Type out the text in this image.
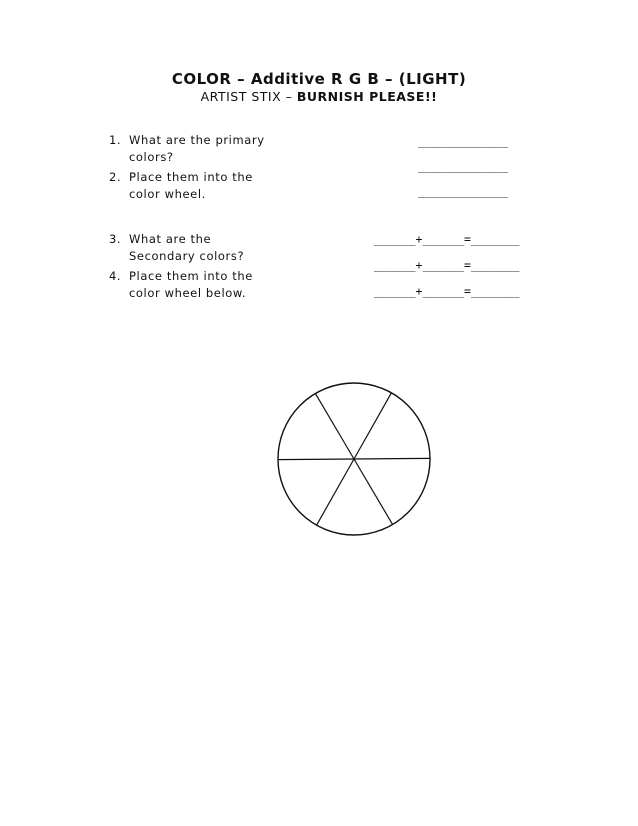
COLOR – Additive R G B – (LIGHT)
ARTIST STIX – BURNISH PLEASE!!
1. What are the primary
colors?
2. Place them into the
color wheel.
_____________
_____________
_____________
3. What are the
Secondary colors?
4. Place them into the
color wheel below.
______+______=_______
______+______=_______
______+______=_______
